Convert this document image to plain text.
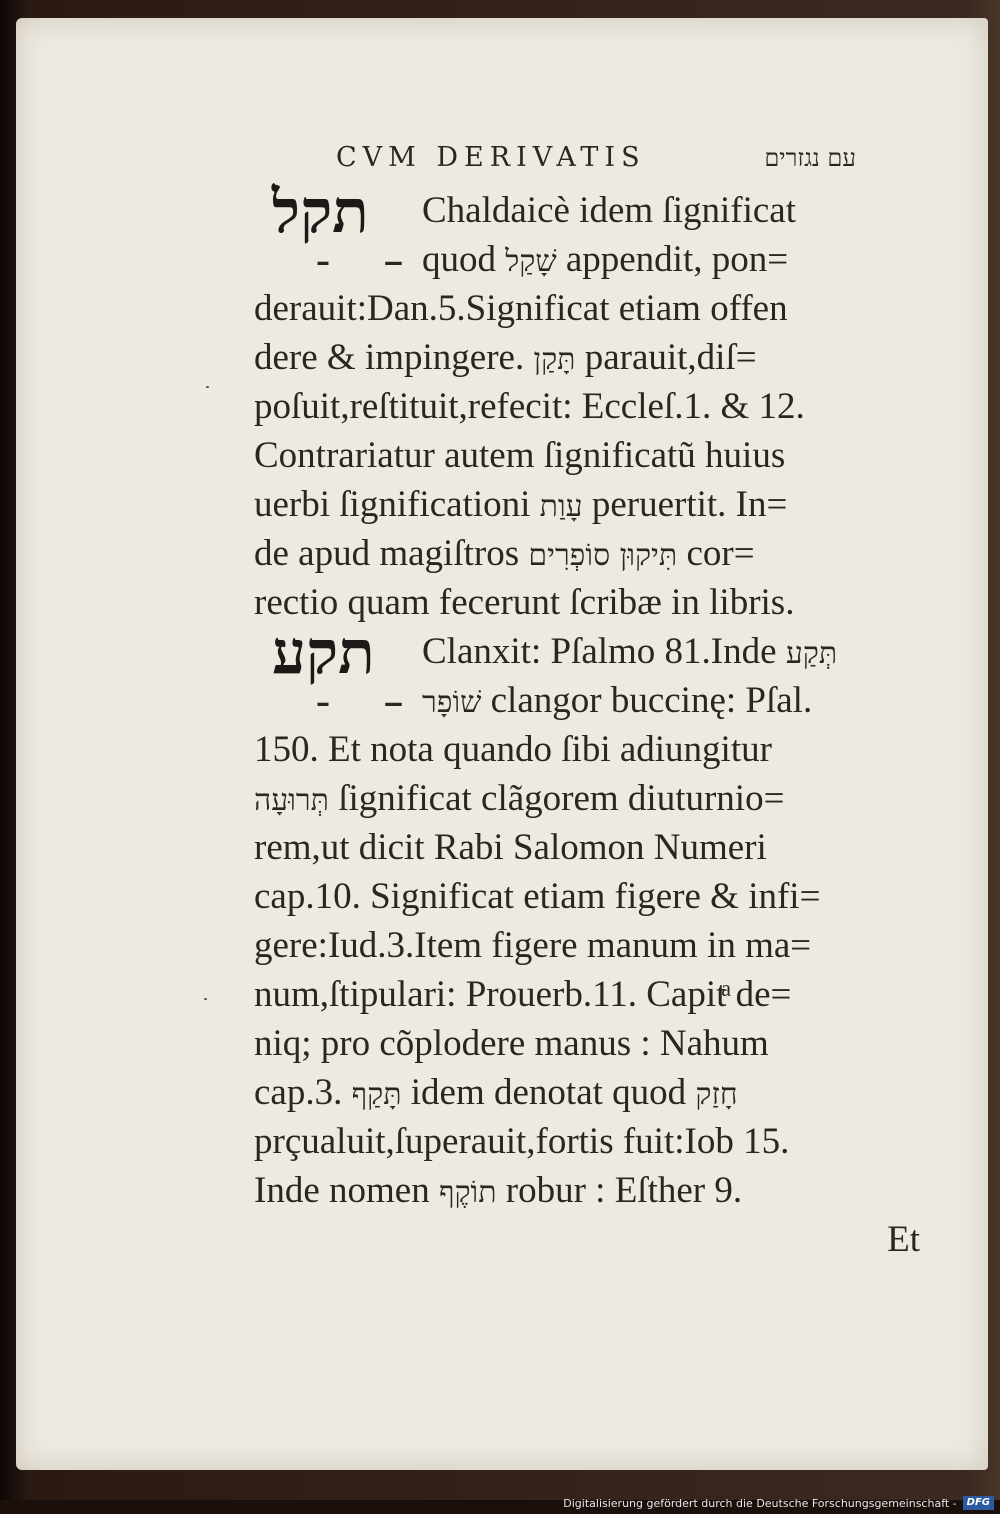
CVM DERIVATIS	עם נגזרים
תקל
– ‒
Chaldaicè idem ſignificat
quod שָׁקַל appendit, pon=
derauit:Dan.5.Significat etiam offen
dere & impingere. תָּקַן parauit,diſ=
poſuit,reſtituit,refecit: Eccleſ.1. & 12.
Contrariatur autem ſignificatũ huius
uerbi ſignificationi עָוַת peruertit. In=
de apud magiſtros תִּיקוּן סוֹפְרִים cor=
rectio quam fecerunt ſcribæ in libris.
תקע
– ‒
Clanxit: Pſalmo 81.Inde תְּקַע
שׁוֹפָר clangor buccinę: Pſal.
150. Et nota quando ſibi adiungitur
תְּרוּעָה ſignificat clãgorem diuturnio=
rem,ut dicit Rabi Salomon Numeri
cap.10. Significat etiam figere & infi=
gere:Iud.3.Item figere manum in ma=
num,ſtipulari: Prouerb.11. Capitͣ de=
niq; pro cõplodere manus : Nahum
cap.3. תָּקַף idem denotat quod חָזַק
prçualuit,ſuperauit,fortis fuit:Iob 15.
Inde nomen תוֹקֶף robur : Eſther 9.
Et
Digitalisierung gefördert durch die Deutsche Forschungsgemeinschaft -	DFG
